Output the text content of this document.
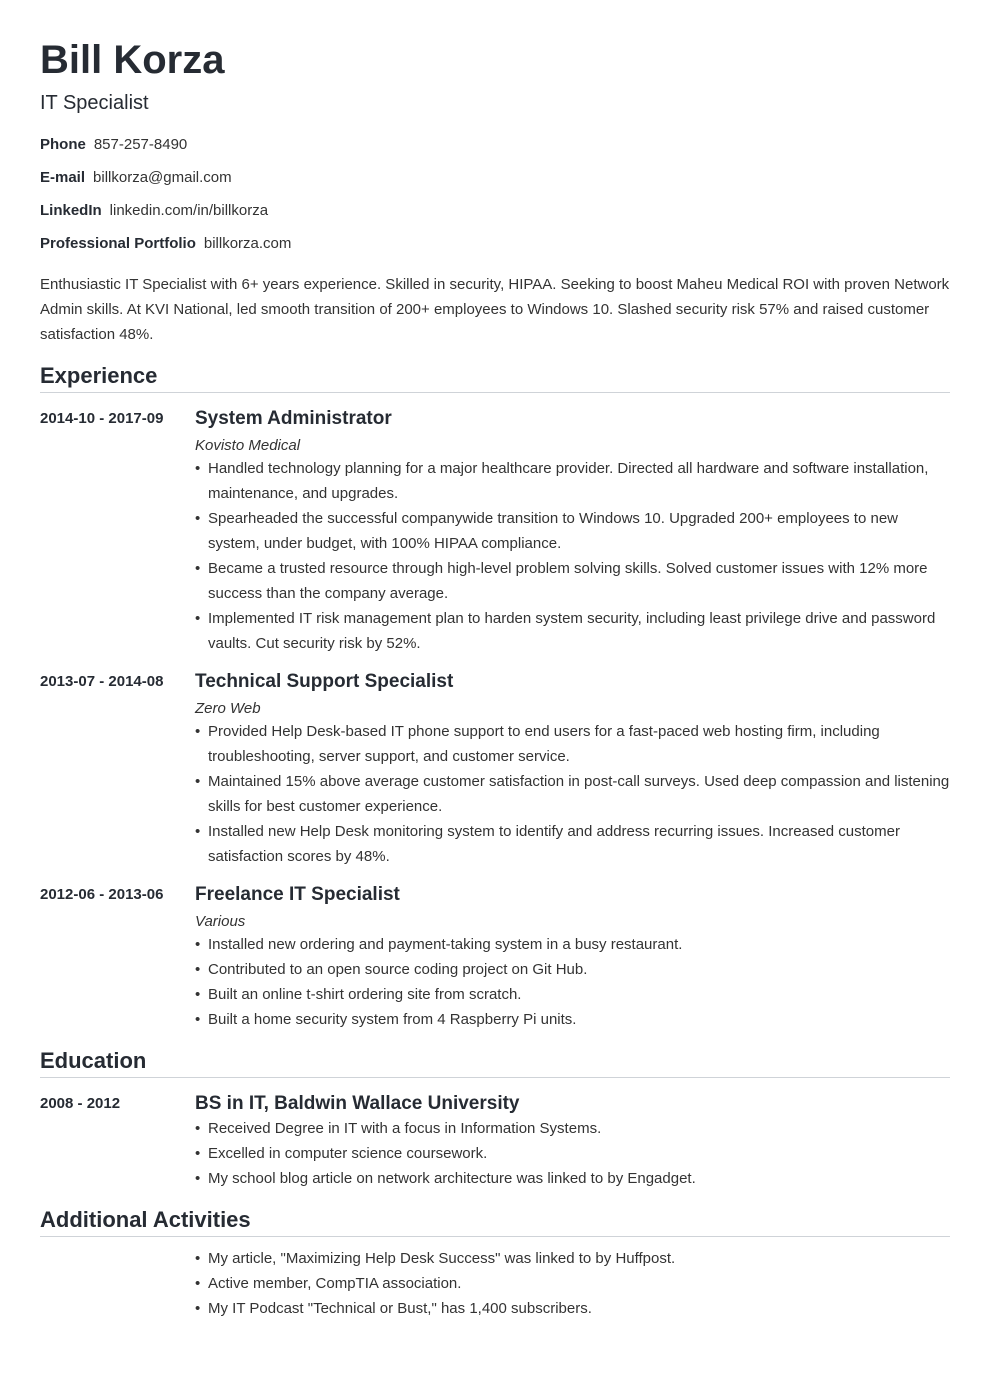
Bill Korza
IT Specialist
Phone 857-257-8490
E-mail billkorza@gmail.com
LinkedIn linkedin.com/in/billkorza
Professional Portfolio billkorza.com
Enthusiastic IT Specialist with 6+ years experience. Skilled in security, HIPAA. Seeking to boost Maheu Medical ROI with proven Network Admin skills. At KVI National, led smooth transition of 200+ employees to Windows 10. Slashed security risk 57% and raised customer satisfaction 48%.
Experience
2014-10 - 2017-09	System Administrator
Kovisto Medical
• Handled technology planning for a major healthcare provider. Directed all hardware and software installation, maintenance, and upgrades.
• Spearheaded the successful companywide transition to Windows 10. Upgraded 200+ employees to new system, under budget, with 100% HIPAA compliance.
• Became a trusted resource through high-level problem solving skills. Solved customer issues with 12% more success than the company average.
• Implemented IT risk management plan to harden system security, including least privilege drive and password vaults. Cut security risk by 52%.
2013-07 - 2014-08	Technical Support Specialist
Zero Web
• Provided Help Desk-based IT phone support to end users for a fast-paced web hosting firm, including troubleshooting, server support, and customer service.
• Maintained 15% above average customer satisfaction in post-call surveys. Used deep compassion and listening skills for best customer experience.
• Installed new Help Desk monitoring system to identify and address recurring issues. Increased customer satisfaction scores by 48%.
2012-06 - 2013-06	Freelance IT Specialist
Various
• Installed new ordering and payment-taking system in a busy restaurant.
• Contributed to an open source coding project on Git Hub.
• Built an online t-shirt ordering site from scratch.
• Built a home security system from 4 Raspberry Pi units.
Education
2008 - 2012	BS in IT, Baldwin Wallace University
• Received Degree in IT with a focus in Information Systems.
• Excelled in computer science coursework.
• My school blog article on network architecture was linked to by Engadget.
Additional Activities
• My article, "Maximizing Help Desk Success" was linked to by Huffpost.
• Active member, CompTIA association.
• My IT Podcast "Technical or Bust," has 1,400 subscribers.
